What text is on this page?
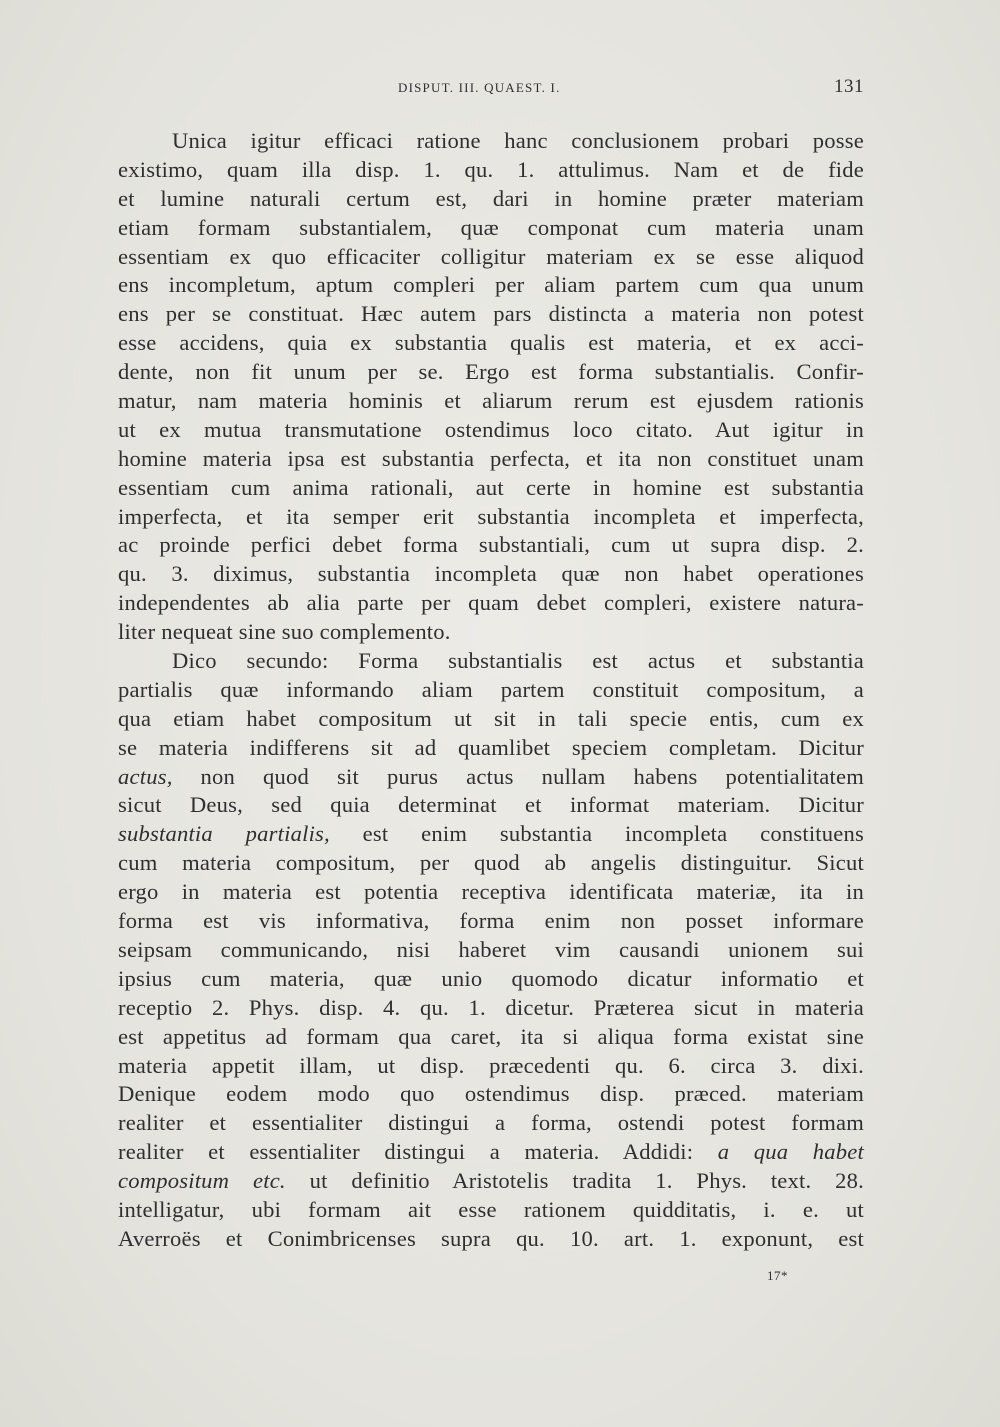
DISPUT. III. QUAEST. I.	131
Unica igitur efficaci ratione hanc conclusionem probari posse
existimo, quam illa disp. 1. qu. 1. attulimus. Nam et de fide
et lumine naturali certum est, dari in homine præter materiam
etiam formam substantialem, quæ componat cum materia unam
essentiam ex quo efficaciter colligitur materiam ex se esse aliquod
ens incompletum, aptum compleri per aliam partem cum qua unum
ens per se constituat. Hæc autem pars distincta a materia non potest
esse accidens, quia ex substantia qualis est materia, et ex acci-
dente, non fit unum per se. Ergo est forma substantialis. Confir-
matur, nam materia hominis et aliarum rerum est ejusdem rationis
ut ex mutua transmutatione ostendimus loco citato. Aut igitur in
homine materia ipsa est substantia perfecta, et ita non constituet unam
essentiam cum anima rationali, aut certe in homine est substantia
imperfecta, et ita semper erit substantia incompleta et imperfecta,
ac proinde perfici debet forma substantiali, cum ut supra disp. 2.
qu. 3. diximus, substantia incompleta quæ non habet operationes
independentes ab alia parte per quam debet compleri, existere natura-
liter nequeat sine suo complemento.
Dico secundo: Forma substantialis est actus et substantia
partialis quæ informando aliam partem constituit compositum, a
qua etiam habet compositum ut sit in tali specie entis, cum ex
se materia indifferens sit ad quamlibet speciem completam. Dicitur
actus, non quod sit purus actus nullam habens potentialitatem
sicut Deus, sed quia determinat et informat materiam. Dicitur
substantia partialis, est enim substantia incompleta constituens
cum materia compositum, per quod ab angelis distinguitur. Sicut
ergo in materia est potentia receptiva identificata materiæ, ita in
forma est vis informativa, forma enim non posset informare
seipsam communicando, nisi haberet vim causandi unionem sui
ipsius cum materia, quæ unio quomodo dicatur informatio et
receptio 2. Phys. disp. 4. qu. 1. dicetur. Præterea sicut in materia
est appetitus ad formam qua caret, ita si aliqua forma existat sine
materia appetit illam, ut disp. præcedenti qu. 6. circa 3. dixi.
Denique eodem modo quo ostendimus disp. præced. materiam
realiter et essentialiter distingui a forma, ostendi potest formam
realiter et essentialiter distingui a materia. Addidi: a qua habet
compositum etc. ut definitio Aristotelis tradita 1. Phys. text. 28.
intelligatur, ubi formam ait esse rationem quidditatis, i. e. ut
Averroës et Conimbricenses supra qu. 10. art. 1. exponunt, est
17*
